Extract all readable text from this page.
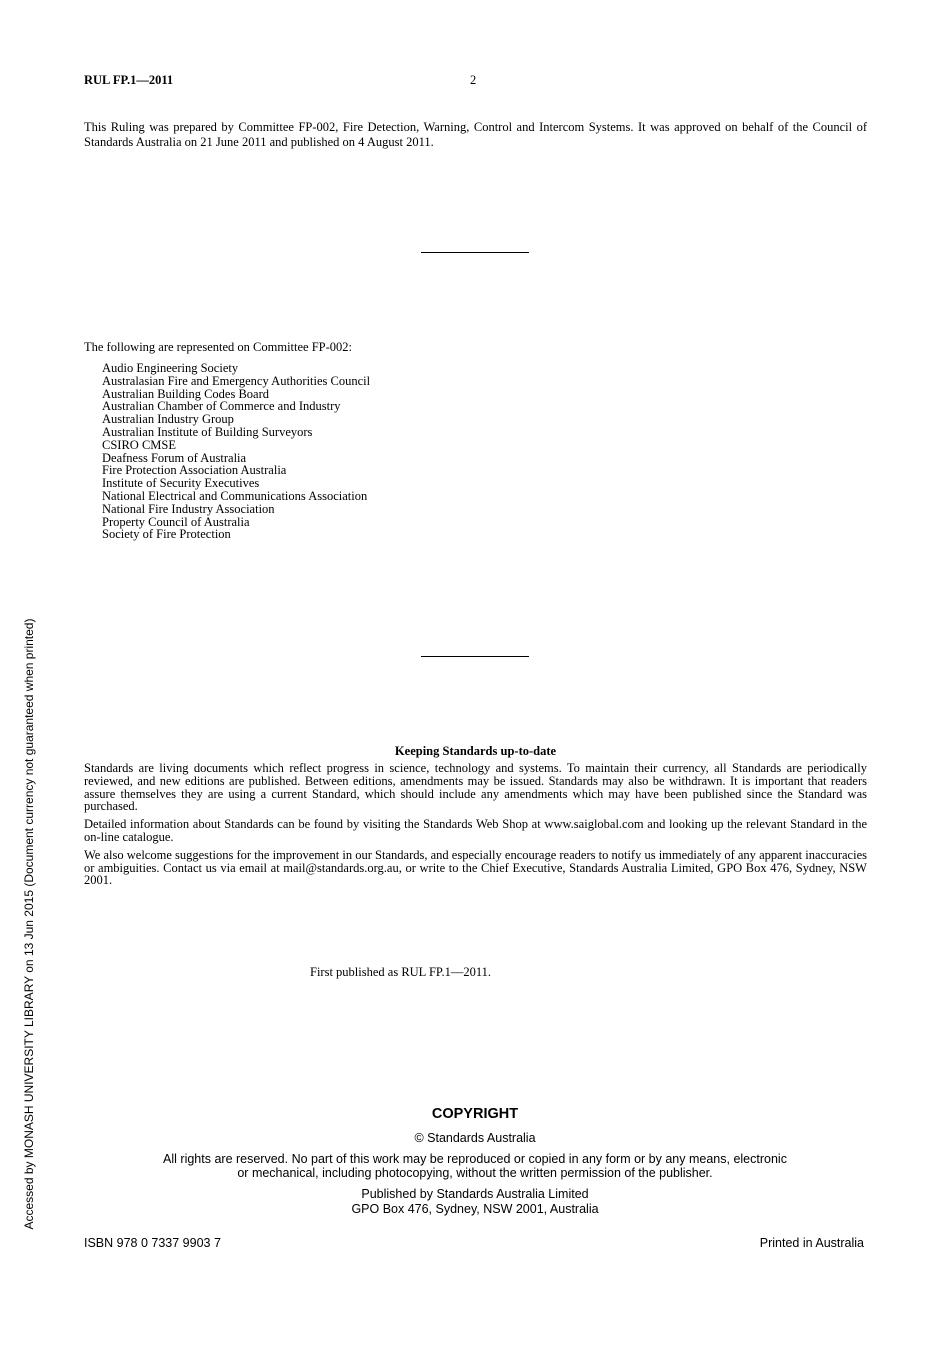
RUL FP.1—2011	2
This Ruling was prepared by Committee FP-002, Fire Detection, Warning, Control and Intercom Systems. It was approved on behalf of the Council of Standards Australia on 21 June 2011 and published on 4 August 2011.
The following are represented on Committee FP-002:
Audio Engineering Society
Australasian Fire and Emergency Authorities Council
Australian Building Codes Board
Australian Chamber of Commerce and Industry
Australian Industry Group
Australian Institute of Building Surveyors
CSIRO CMSE
Deafness Forum of Australia
Fire Protection Association Australia
Institute of Security Executives
National Electrical and Communications Association
National Fire Industry Association
Property Council of Australia
Society of Fire Protection
Keeping Standards up-to-date

Standards are living documents which reflect progress in science, technology and systems. To maintain their currency, all Standards are periodically reviewed, and new editions are published. Between editions, amendments may be issued. Standards may also be withdrawn. It is important that readers assure themselves they are using a current Standard, which should include any amendments which may have been published since the Standard was purchased.

Detailed information about Standards can be found by visiting the Standards Web Shop at www.saiglobal.com and looking up the relevant Standard in the on-line catalogue.

We also welcome suggestions for the improvement in our Standards, and especially encourage readers to notify us immediately of any apparent inaccuracies or ambiguities. Contact us via email at mail@standards.org.au, or write to the Chief Executive, Standards Australia Limited, GPO Box 476, Sydney, NSW 2001.

First published as RUL FP.1—2011.
COPYRIGHT
© Standards Australia
All rights are reserved. No part of this work may be reproduced or copied in any form or by any means, electronic
or mechanical, including photocopying, without the written permission of the publisher.
Published by Standards Australia Limited
GPO Box 476, Sydney, NSW 2001, Australia
ISBN 978 0 7337 9903 7	Printed in Australia
Accessed by MONASH UNIVERSITY LIBRARY on 13 Jun 2015 (Document currency not guaranteed when printed)
